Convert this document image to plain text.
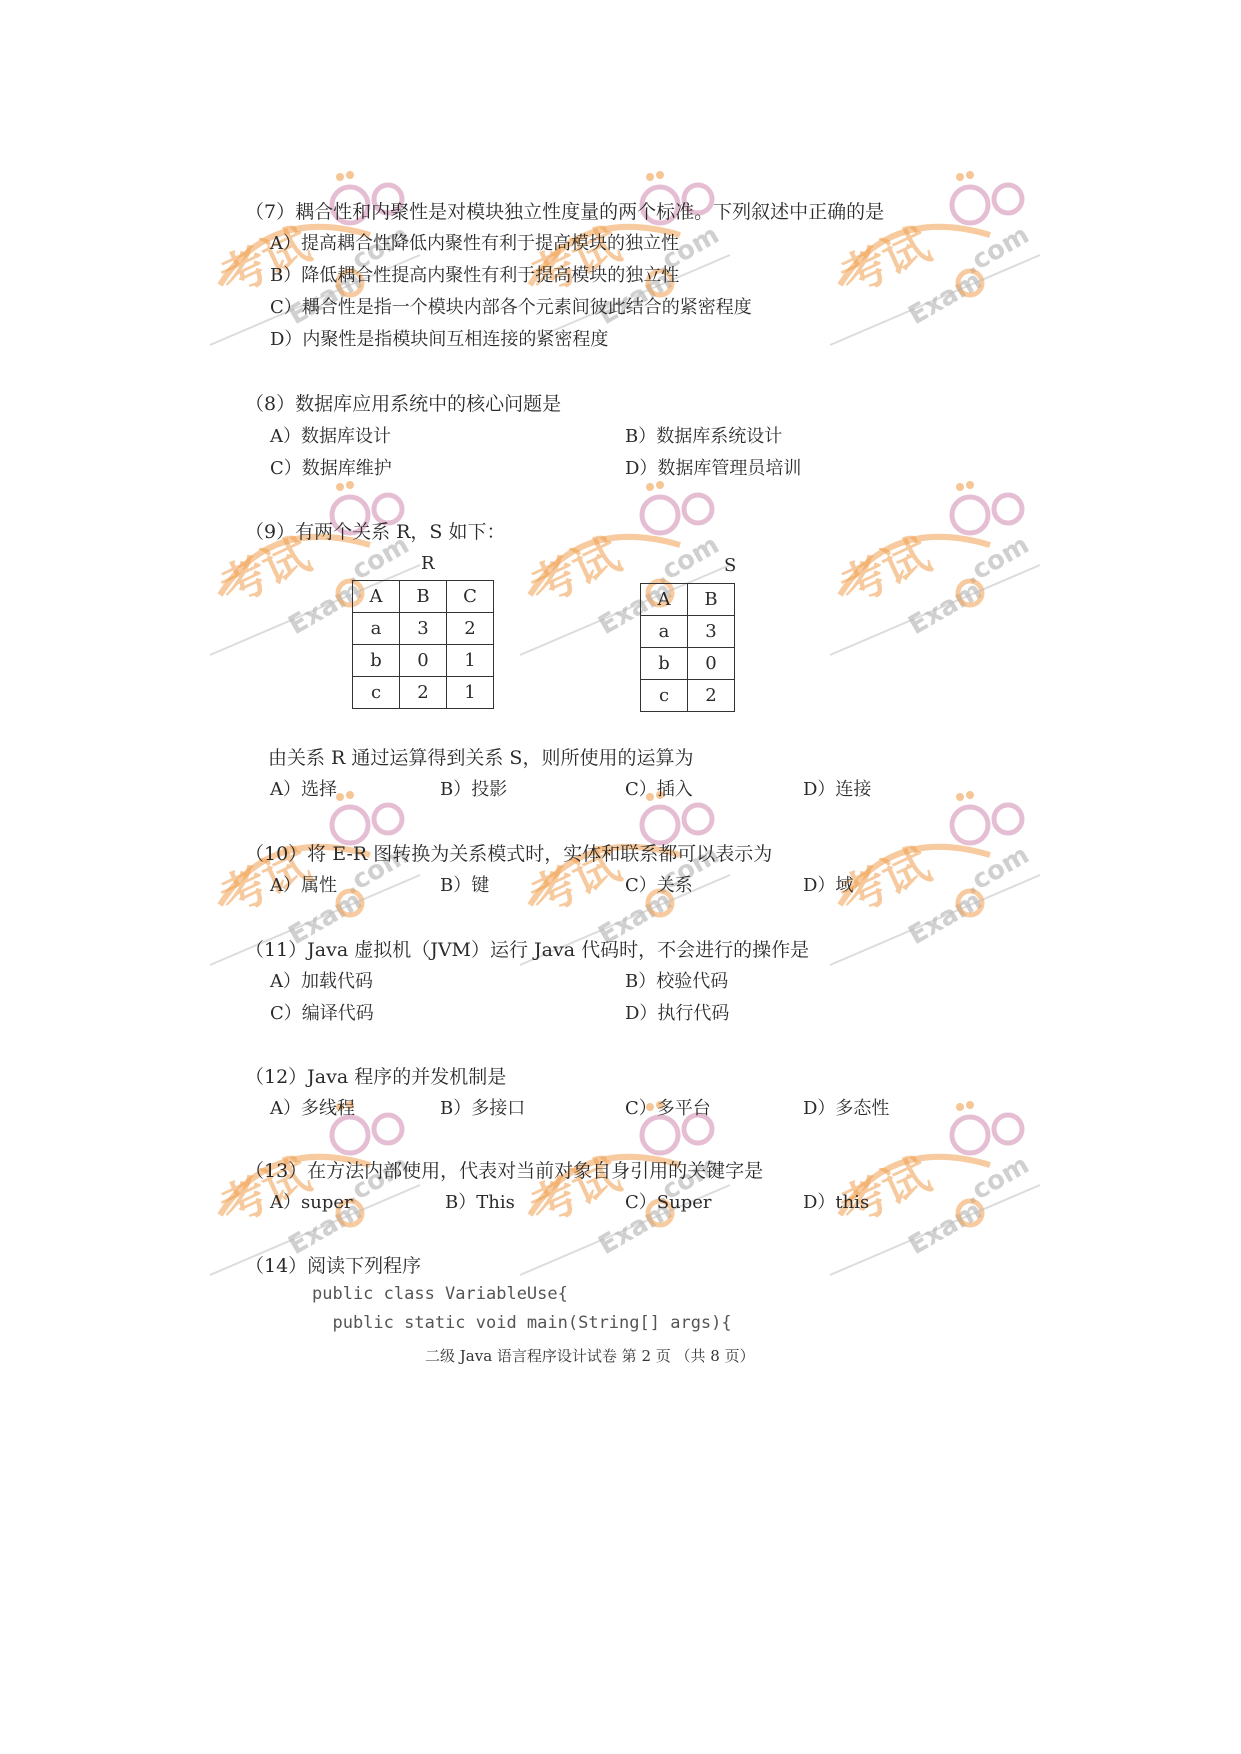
（7）耦合性和内聚性是对模块独立性度量的两个标准。下列叙述中正确的是
A）提高耦合性降低内聚性有利于提高模块的独立性
B）降低耦合性提高内聚性有利于提高模块的独立性
C）耦合性是指一个模块内部各个元素间彼此结合的紧密程度
D）内聚性是指模块间互相连接的紧密程度
（8）数据库应用系统中的核心问题是
A）数据库设计	B）数据库系统设计
C）数据库维护	D）数据库管理员培训
（9）有两个关系 R，S 如下：
R
A	B	C
a	3	2
b	0	1
c	2	1
S
A	B
a	3
b	0
c	2
由关系 R 通过运算得到关系 S，则所使用的运算为
A）选择	B）投影	C）插入	D）连接
（10）将 E-R 图转换为关系模式时，实体和联系都可以表示为
A）属性	B）键	C）关系	D）域
（11）Java 虚拟机（JVM）运行 Java 代码时，不会进行的操作是
A）加载代码	B）校验代码
C）编译代码	D）执行代码
（12）Java 程序的并发机制是
A）多线程	B）多接口	C）多平台	D）多态性
（13）在方法内部使用，代表对当前对象自身引用的关键字是
A）super	B）This	C）Super	D）this
（14）阅读下列程序
public class VariableUse{
public static void main(String[] args){
二级 Java 语言程序设计试卷 第 2 页 （共 8 页）
